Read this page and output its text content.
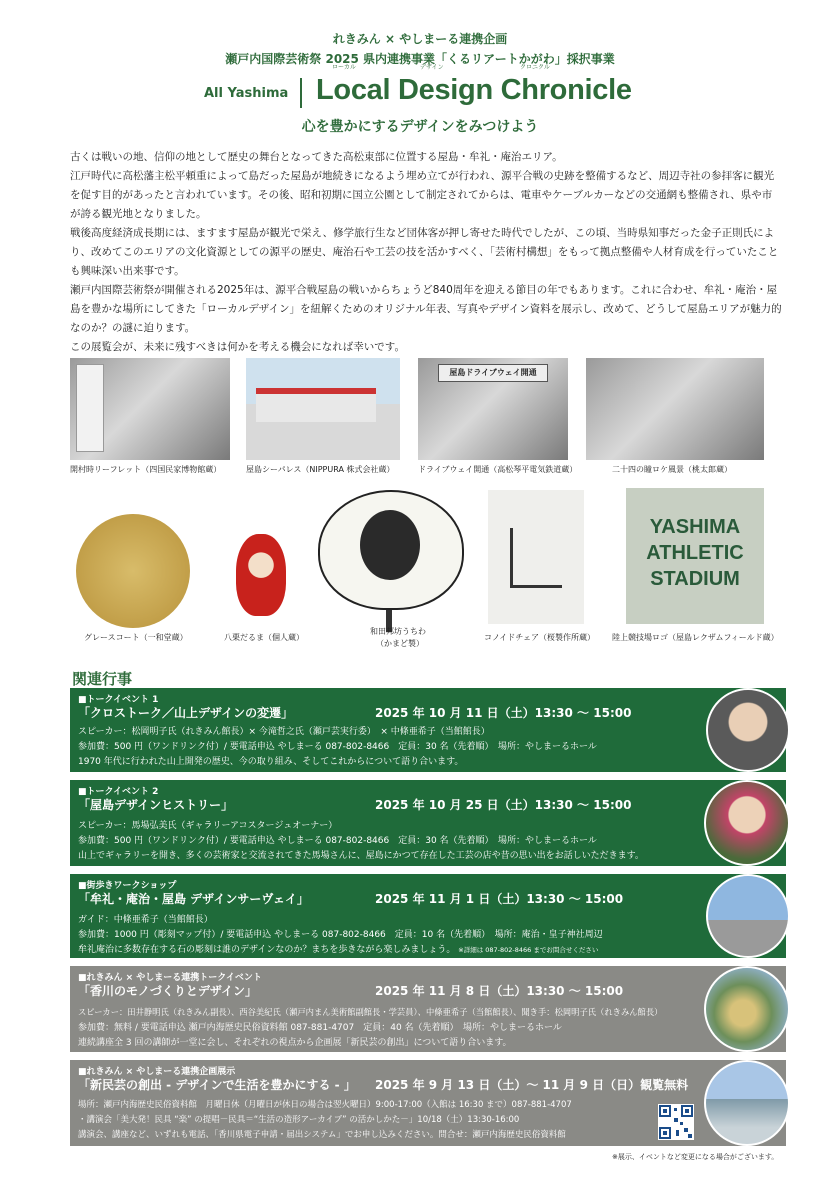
れきみん × やしまーる連携企画
瀬戸内国際芸術祭 2025 県内連携事業「くるリアートかがわ」採択事業
All Yashima
ローカル	デザイン	クロニクル
Local Design Chronicle
心を豊かにするデザインをみつけよう

古くは戦いの地、信仰の地として歴史の舞台となってきた高松東部に位置する屋島・牟礼・庵治エリア。

江戸時代に高松藩主松平頼重によって島だった屋島が地続きになるよう埋め立てが行われ、源平合戦の史跡を整備するなど、周辺寺社の参拝客に観光を促す目的があったと言われています。その後、昭和初期に国立公園として制定されてからは、電車やケーブルカーなどの交通網も整備され、県や市が誇る観光地となりました。

戦後高度経済成長期には、ますます屋島が観光で栄え、修学旅行生など団体客が押し寄せた時代でしたが、この頃、当時県知事だった金子正則氏により、改めてこのエリアの文化資源としての源平の歴史、庵治石や工芸の技を活かすべく、「芸術村構想」をもって拠点整備や人材育成を行っていたことも興味深い出来事です。

瀬戸内国際芸術祭が開催される2025年は、源平合戦屋島の戦いからちょうど840周年を迎える節目の年でもあります。これに合わせ、牟礼・庵治・屋島を豊かな場所にしてきた「ローカルデザイン」を紐解くためのオリジナル年表、写真やデザイン資料を展示し、改めて、どうして屋島エリアが魅力的なのか？の謎に迫ります。

この展覧会が、未来に残すべきは何かを考える機会になれば幸いです。

開村時リーフレット（四国民家博物館蔵）	屋島シーパレス（NIPPURA 株式会社蔵）
屋島ドライブウェイ開通
ドライブウェイ開通（高松琴平電気鉄道蔵）	二十四の瞳ロケ風景（桃太郎蔵）
グレースコート（一和堂蔵）	八栗だるま（個人蔵）
和田邦坊うちわ
（かまど製）
コノイドチェア（桜製作所蔵）
YASHIMA
ATHLETIC
STADIUM
陸上競技場ロゴ（屋島レクザムフィールド蔵）
関連行事
■トークイベント 1
「クロストーク／山上デザインの変遷」	2025 年 10 月 11 日（土）13:30 ～ 15:00
スピーカー：松岡明子氏（れきみん館長）× 今滝哲之氏（瀬戸芸実行委）　× 中條亜希子（当館館長）
参加費：500 円（ワンドリンク付）/ 要電話申込 やしまーる 087-802-8466　定員：30 名（先着順）　場所：やしまーるホール
1970 年代に行われた山上開発の歴史、今の取り組み、そしてこれからについて語り合います。
■トークイベント 2
「屋島デザインヒストリー」	2025 年 10 月 25 日（土）13:30 ～ 15:00
スピーカー：馬場弘美氏（ギャラリーアコスタージュオーナー）
参加費：500 円（ワンドリンク付）/ 要電話申込 やしまーる 087-802-8466　定員：30 名（先着順）　場所：やしまーるホール
山上でギャラリーを開き、多くの芸術家と交流されてきた馬場さんに、屋島にかつて存在した工芸の店や昔の思い出をお話しいただきます。
■街歩きワークショップ
「牟礼・庵治・屋島 デザインサーヴェイ」	2025 年 11 月 1 日（土）13:30 ～ 15:00
ガイド：中條亜希子（当館館長）
参加費：1000 円（彫刻マップ付）/ 要電話申込 やしまーる 087-802-8466　定員：10 名（先着順）　場所：庵治・皇子神社周辺
牟礼庵治に多数存在する石の彫刻は誰のデザインなのか？まちを歩きながら楽しみましょう。 ※詳細は 087-802-8466 までお問合せください
■れきみん × やしまーる連携トークイベント
「香川のモノづくりとデザイン」	2025 年 11 月 8 日（土）13:30 ～ 15:00
スピーカー：田井静明氏（れきみん副長）、西谷美紀氏（瀬戸内まん美術館副館長・学芸員）、中條亜希子（当館館長）、聞き手：松岡明子氏（れきみん館長）
参加費：無料 / 要電話申込 瀬戸内海歴史民俗資料館 087-881-4707　定員：40 名（先着順）　場所：やしまーるホール
連続講座全 3 回の講師が一堂に会し、それぞれの視点から企画展「新民芸の創出」について語り合います。
■れきみん × やしまーる連携企画展示
「新民芸の創出 - デザインで生活を豊かにする - 」 2025 年 9 月 13 日（土）～ 11 月 9 日（日）観覧無料
場所：瀬戸内海歴史民俗資料館　月曜日休（月曜日が休日の場合は翌火曜日）9:00-17:00（入館は 16:30 まで）087-881-4707
・講演会「美大発！民具 “楽” の提唱－民具＝“生活の造形アーカイブ” の活かしかた－」10/18（土）13:30-16:00
講演会、講座など、いずれも電話、「香川県電子申請・届出システム」でお申し込みください。問合せ：瀬戸内海歴史民俗資料館
※展示、イベントなど変更になる場合がございます。
